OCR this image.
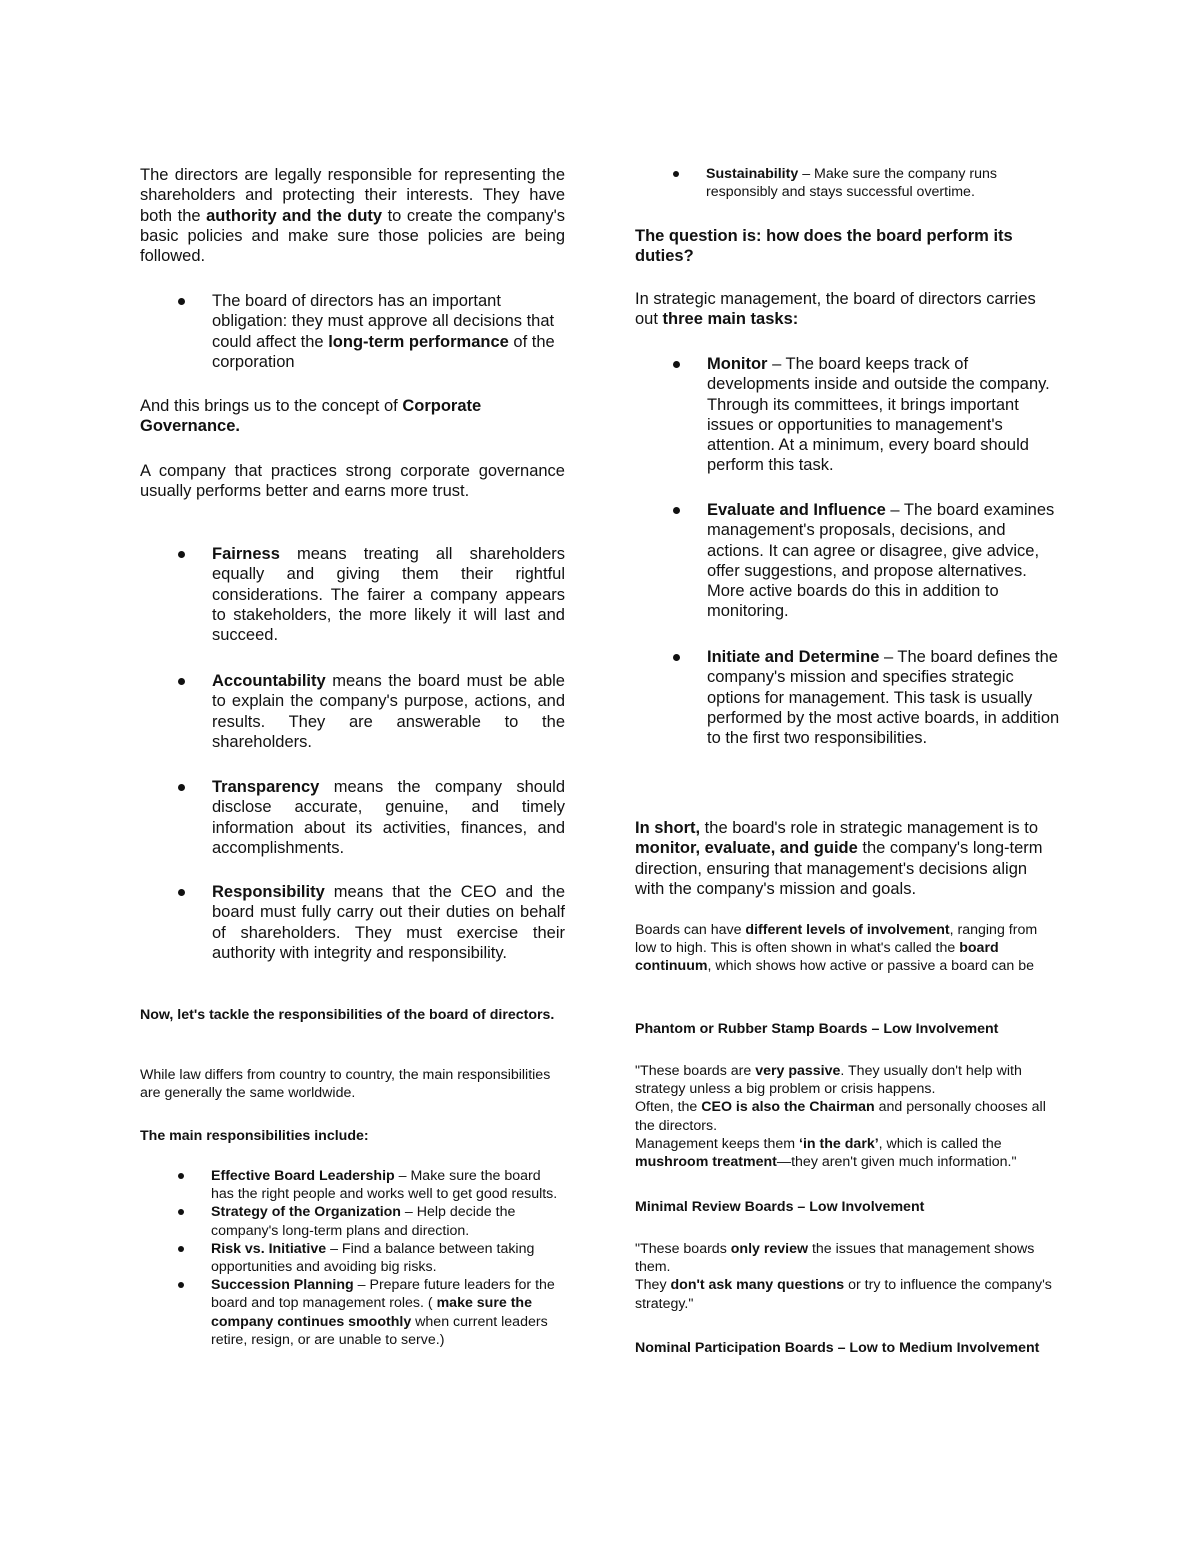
The directors are legally responsible for representing the shareholders and protecting their interests. They have both the authority and the duty to create the company's basic policies and make sure those policies are being followed.

The board of directors has an important obligation: they must approve all decisions that could affect the long-term performance of the corporation

And this brings us to the concept of Corporate Governance.

A company that practices strong corporate governance usually performs better and earns more trust.

Fairness means treating all shareholders equally and giving them their rightful considerations. The fairer a company appears to stakeholders, the more likely it will last and succeed.
Accountability means the board must be able to explain the company's purpose, actions, and results. They are answerable to the shareholders.
Transparency means the company should disclose accurate, genuine, and timely information about its activities, finances, and accomplishments.
Responsibility means that the CEO and the board must fully carry out their duties on behalf of shareholders. They must exercise their authority with integrity and responsibility.

Now, let's tackle the responsibilities of the board of directors.

While law differs from country to country, the main responsibilities are generally the same worldwide.

The main responsibilities include:

Effective Board Leadership – Make sure the board has the right people and works well to get good results.
Strategy of the Organization – Help decide the company's long-term plans and direction.
Risk vs. Initiative – Find a balance between taking opportunities and avoiding big risks.
Succession Planning – Prepare future leaders for the board and top management roles. ( make sure the company continues smoothly when current leaders retire, resign, or are unable to serve.)
Sustainability – Make sure the company runs responsibly and stays successful overtime.

The question is: how does the board perform its duties?

In strategic management, the board of directors carries out three main tasks:

Monitor – The board keeps track of developments inside and outside the company. Through its committees, it brings important issues or opportunities to management's attention. At a minimum, every board should perform this task.
Evaluate and Influence – The board examines management's proposals, decisions, and actions. It can agree or disagree, give advice, offer suggestions, and propose alternatives. More active boards do this in addition to monitoring.
Initiate and Determine – The board defines the company's mission and specifies strategic options for management. This task is usually performed by the most active boards, in addition to the first two responsibilities.

In short, the board's role in strategic management is to monitor, evaluate, and guide the company's long-term direction, ensuring that management's decisions align with the company's mission and goals.

Boards can have different levels of involvement, ranging from low to high. This is often shown in what's called the board continuum, which shows how active or passive a board can be

Phantom or Rubber Stamp Boards – Low Involvement

"These boards are very passive. They usually don't help with strategy unless a big problem or crisis happens.
Often, the CEO is also the Chairman and personally chooses all the directors.
Management keeps them ‘in the dark’, which is called the mushroom treatment—they aren't given much information."

Minimal Review Boards – Low Involvement

"These boards only review the issues that management shows them.
They don't ask many questions or try to influence the company's strategy."

Nominal Participation Boards – Low to Medium Involvement
